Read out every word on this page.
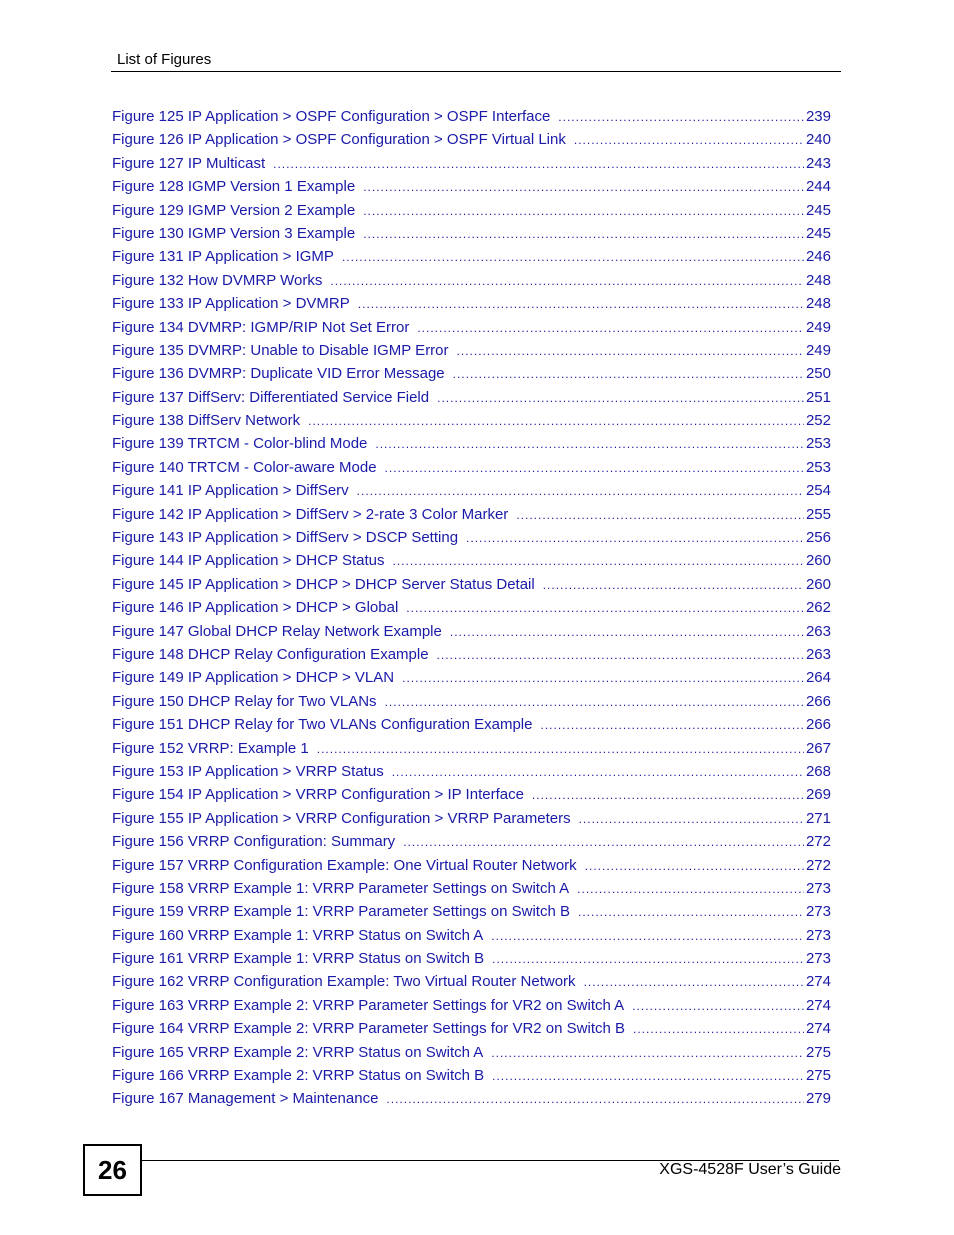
List of Figures
Figure 125 IP Application > OSPF Configuration > OSPF Interface .....	239
Figure 126 IP Application > OSPF Configuration > OSPF Virtual Link .....	240
Figure 127 IP Multicast .....	243
Figure 128 IGMP Version 1 Example .....	244
Figure 129 IGMP Version 2 Example .....	245
Figure 130 IGMP Version 3 Example .....	245
Figure 131 IP Application > IGMP .....	246
Figure 132 How DVMRP Works .....	248
Figure 133 IP Application > DVMRP .....	248
Figure 134 DVMRP: IGMP/RIP Not Set Error .....	249
Figure 135 DVMRP: Unable to Disable IGMP Error .....	249
Figure 136 DVMRP: Duplicate VID Error Message .....	250
Figure 137 DiffServ: Differentiated Service Field .....	251
Figure 138 DiffServ Network .....	252
Figure 139 TRTCM - Color-blind Mode .....	253
Figure 140 TRTCM - Color-aware Mode .....	253
Figure 141 IP Application > DiffServ .....	254
Figure 142 IP Application > DiffServ > 2-rate 3 Color Marker .....	255
Figure 143 IP Application > DiffServ > DSCP Setting .....	256
Figure 144 IP Application > DHCP Status .....	260
Figure 145 IP Application > DHCP > DHCP Server Status Detail .....	260
Figure 146 IP Application > DHCP > Global .....	262
Figure 147 Global DHCP Relay Network Example .....	263
Figure 148 DHCP Relay Configuration Example .....	263
Figure 149 IP Application > DHCP > VLAN .....	264
Figure 150 DHCP Relay for Two VLANs .....	266
Figure 151 DHCP Relay for Two VLANs Configuration Example .....	266
Figure 152 VRRP: Example 1 .....	267
Figure 153 IP Application > VRRP Status .....	268
Figure 154 IP Application > VRRP Configuration > IP Interface .....	269
Figure 155 IP Application > VRRP Configuration > VRRP Parameters .....	271
Figure 156 VRRP Configuration: Summary .....	272
Figure 157 VRRP Configuration Example: One Virtual Router Network .....	272
Figure 158 VRRP Example 1: VRRP Parameter Settings on Switch A .....	273
Figure 159 VRRP Example 1: VRRP Parameter Settings on Switch B .....	273
Figure 160 VRRP Example 1: VRRP Status on Switch A .....	273
Figure 161 VRRP Example 1: VRRP Status on Switch B .....	273
Figure 162 VRRP Configuration Example: Two Virtual Router Network .....	274
Figure 163 VRRP Example 2: VRRP Parameter Settings for VR2 on Switch A .....	274
Figure 164 VRRP Example 2: VRRP Parameter Settings for VR2 on Switch B .....	274
Figure 165 VRRP Example 2: VRRP Status on Switch A .....	275
Figure 166 VRRP Example 2: VRRP Status on Switch B .....	275
Figure 167 Management > Maintenance .....	279
26	XGS-4528F User’s Guide
